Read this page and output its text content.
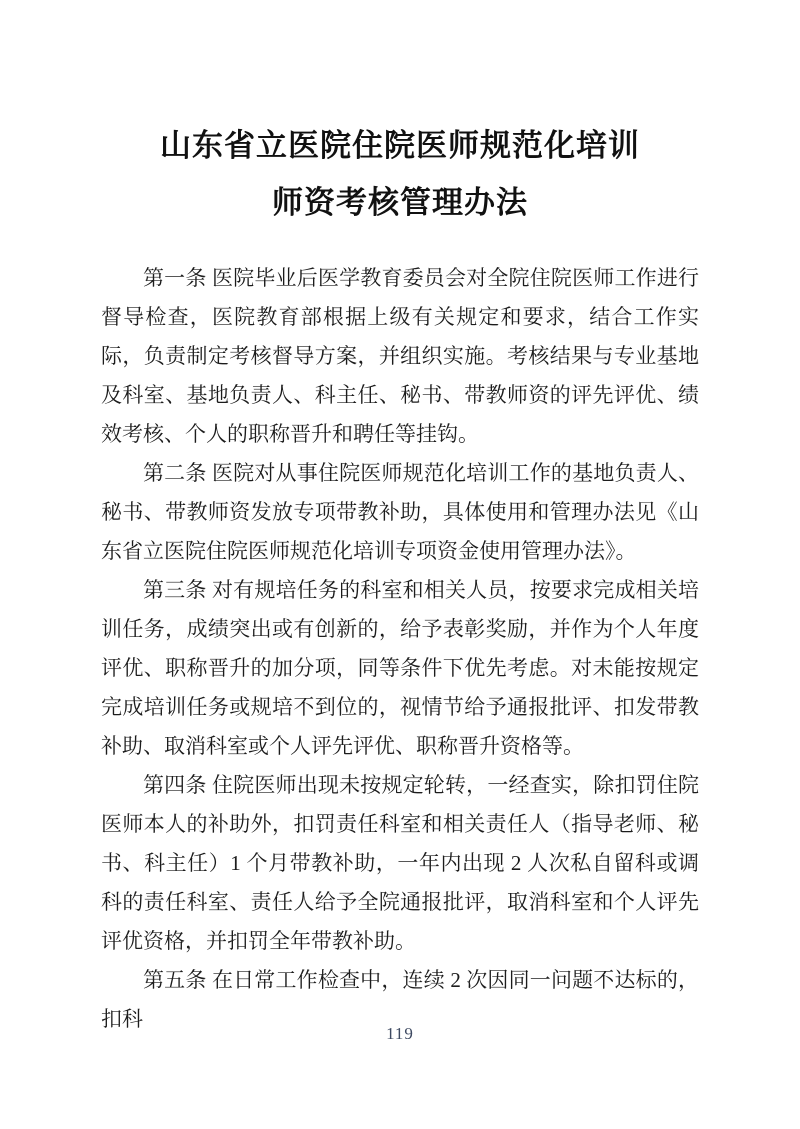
山东省立医院住院医师规范化培训
师资考核管理办法

第一条 医院毕业后医学教育委员会对全院住院医师工作进行督导检查，医院教育部根据上级有关规定和要求，结合工作实际，负责制定考核督导方案，并组织实施。考核结果与专业基地及科室、基地负责人、科主任、秘书、带教师资的评先评优、绩效考核、个人的职称晋升和聘任等挂钩。

第二条 医院对从事住院医师规范化培训工作的基地负责人、秘书、带教师资发放专项带教补助，具体使用和管理办法见《山东省立医院住院医师规范化培训专项资金使用管理办法》。

第三条 对有规培任务的科室和相关人员，按要求完成相关培训任务，成绩突出或有创新的，给予表彰奖励，并作为个人年度评优、职称晋升的加分项，同等条件下优先考虑。对未能按规定完成培训任务或规培不到位的，视情节给予通报批评、扣发带教补助、取消科室或个人评先评优、职称晋升资格等。

第四条 住院医师出现未按规定轮转，一经查实，除扣罚住院医师本人的补助外，扣罚责任科室和相关责任人（指导老师、秘书、科主任）1 个月带教补助，一年内出现 2 人次私自留科或调科的责任科室、责任人给予全院通报批评，取消科室和个人评先评优资格，并扣罚全年带教补助。

第五条 在日常工作检查中，连续 2 次因同一问题不达标的，扣科

119
